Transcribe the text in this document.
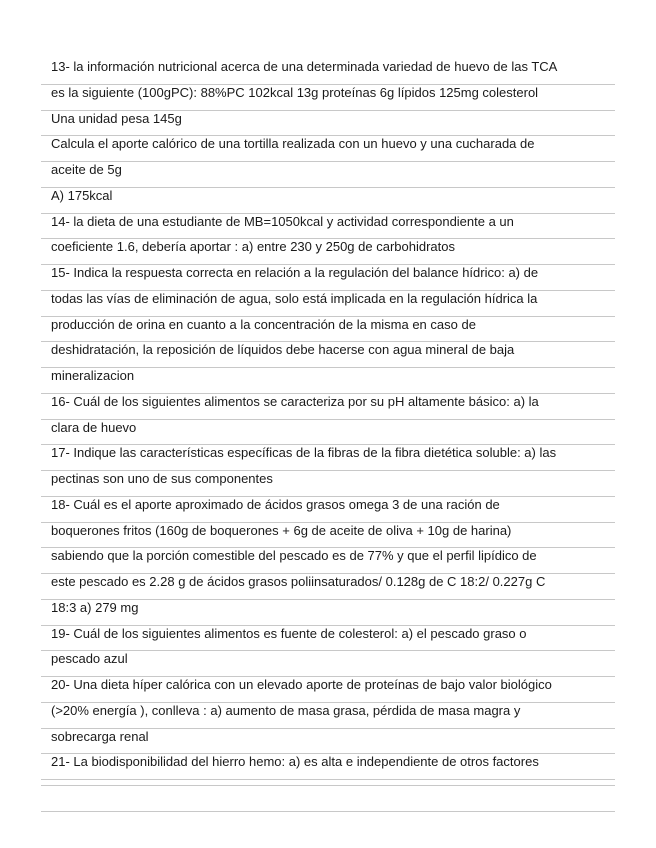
13- la información nutricional acerca de una determinada variedad de huevo de las TCA
es la siguiente (100gPC): 88%PC 102kcal 13g proteínas 6g lípidos 125mg colesterol
Una unidad pesa 145g
Calcula el aporte calórico de una tortilla realizada con un huevo y una cucharada de
aceite de 5g
A) 175kcal
14- la dieta de una estudiante de MB=1050kcal y actividad correspondiente a un
coeficiente 1.6, debería aportar : a) entre 230 y 250g de carbohidratos
15- Indica la respuesta correcta en relación a la regulación del balance hídrico: a) de
todas las vías de eliminación de agua, solo está implicada en la regulación hídrica la
producción de orina en cuanto a la concentración de la misma en caso de
deshidratación, la reposición de líquidos debe hacerse con agua mineral de baja
mineralizacion
16- Cuál de los siguientes alimentos se caracteriza por su pH altamente básico: a) la
clara de huevo
17- Indique las características específicas de la fibras de la fibra dietética soluble: a) las
pectinas son uno de sus componentes
18- Cuál es el aporte aproximado de ácidos grasos omega 3 de una ración de
boquerones fritos (160g de boquerones + 6g de aceite de oliva + 10g de harina)
sabiendo que la porción comestible del pescado es de 77% y que el perfil lipídico de
este pescado es 2.28 g de ácidos grasos poliinsaturados/ 0.128g de C 18:2/ 0.227g C
18:3 a) 279 mg
19- Cuál de los siguientes alimentos es fuente de colesterol: a) el pescado graso o
pescado azul
20- Una dieta híper calórica con un elevado aporte de proteínas de bajo valor biológico
(>20% energía ), conlleva : a) aumento de masa grasa, pérdida de masa magra y
sobrecarga renal
21- La biodisponibilidad del hierro hemo: a) es alta e independiente de otros factores
